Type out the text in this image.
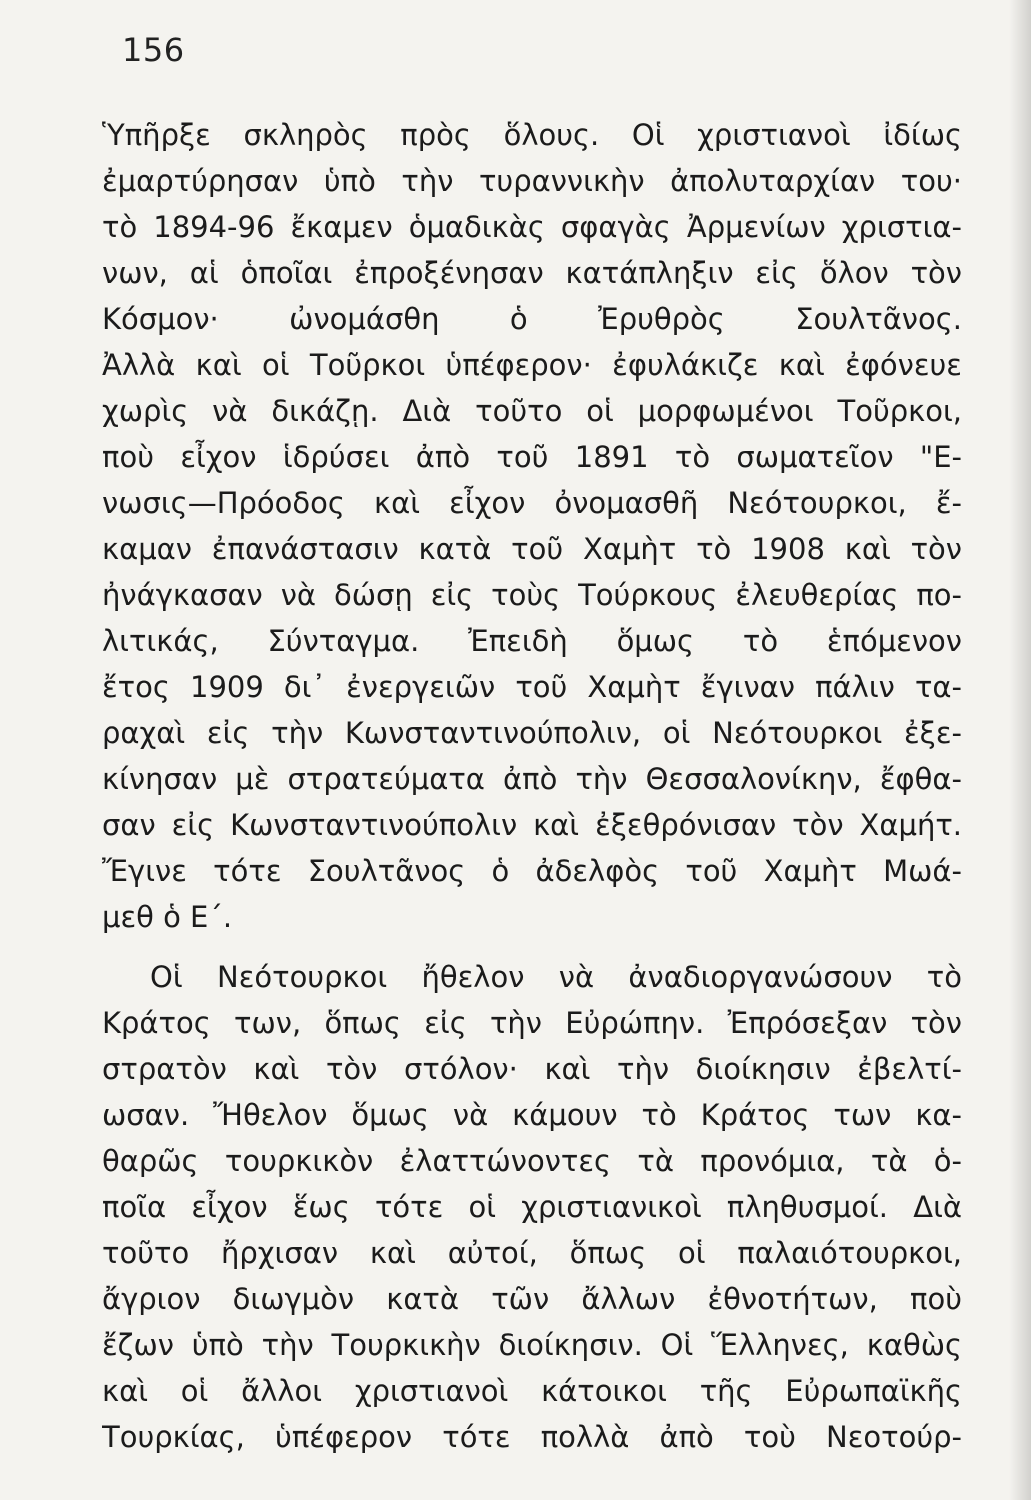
156
Ὑπῆρξε σκληρὸς πρὸς ὅλους. Οἱ χριστιανοὶ ἰδίως
ἐμαρτύρησαν ὑπὸ τὴν τυραννικὴν ἀπολυταρχίαν του·
τὸ 1894-96 ἔκαμεν ὁμαδικὰς σφαγὰς Ἀρμενίων χριστια-
νων, αἱ ὁποῖαι ἐπροξένησαν κατάπληξιν εἰς ὅλον τὸν
Κόσμον· ὠνομάσθη ὁ Ἐρυθρὸς Σουλτᾶνος.
Ἀλλὰ καὶ οἱ Τοῦρκοι ὑπέφερον· ἐφυλάκιζε καὶ ἐφόνευε
χωρὶς νὰ δικάζῃ. Διὰ τοῦτο οἱ μορφωμένοι Τοῦρκοι,
ποὺ εἶχον ἱδρύσει ἀπὸ τοῦ 1891 τὸ σωματεῖον "Ε-
νωσις—Πρόοδος καὶ εἶχον ὀνομασθῆ Νεότουρκοι, ἔ-
καμαν ἐπανάστασιν κατὰ τοῦ Χαμὴτ τὸ 1908 καὶ τὸν
ἠνάγκασαν νὰ δώσῃ εἰς τοὺς Τούρκους ἐλευθερίας πο-
λιτικάς, Σύνταγμα. Ἐπειδὴ ὅμως τὸ ἑπόμενον
ἔτος 1909 δι᾽ ἐνεργειῶν τοῦ Χαμὴτ ἔγιναν πάλιν τα-
ραχαὶ εἰς τὴν Κωνσταντινούπολιν, οἱ Νεότουρκοι ἐξε-
κίνησαν μὲ στρατεύματα ἀπὸ τὴν Θεσσαλονίκην, ἔφθα-
σαν εἰς Κωνσταντινούπολιν καὶ ἐξεθρόνισαν τὸν Χαμήτ.
Ἔγινε τότε Σουλτᾶνος ὁ ἀδελφὸς τοῦ Χαμὴτ Μωά-
μεθ ὁ Ε΄.
Οἱ Νεότουρκοι ἤθελον νὰ ἀναδιοργανώσουν τὸ
Κράτος των, ὅπως εἰς τὴν Εὐρώπην. Ἐπρόσεξαν τὸν
στρατὸν καὶ τὸν στόλον· καὶ τὴν διοίκησιν ἐβελτί-
ωσαν. Ἤθελον ὅμως νὰ κάμουν τὸ Κράτος των κα-
θαρῶς τουρκικὸν ἐλαττώνοντες τὰ προνόμια, τὰ ὁ-
ποῖα εἶχον ἕως τότε οἱ χριστιανικοὶ πληθυσμοί. Διὰ
τοῦτο ἤρχισαν καὶ αὐτοί, ὅπως οἱ παλαιότουρκοι,
ἄγριον διωγμὸν κατὰ τῶν ἄλλων ἐθνοτήτων, ποὺ
ἔζων ὑπὸ τὴν Τουρκικὴν διοίκησιν. Οἱ Ἕλληνες, καθὼς
καὶ οἱ ἄλλοι χριστιανοὶ κάτοικοι τῆς Εὐρωπαϊκῆς
Τουρκίας, ὑπέφερον τότε πολλὰ ἀπὸ τοὺ Νεοτούρ-
